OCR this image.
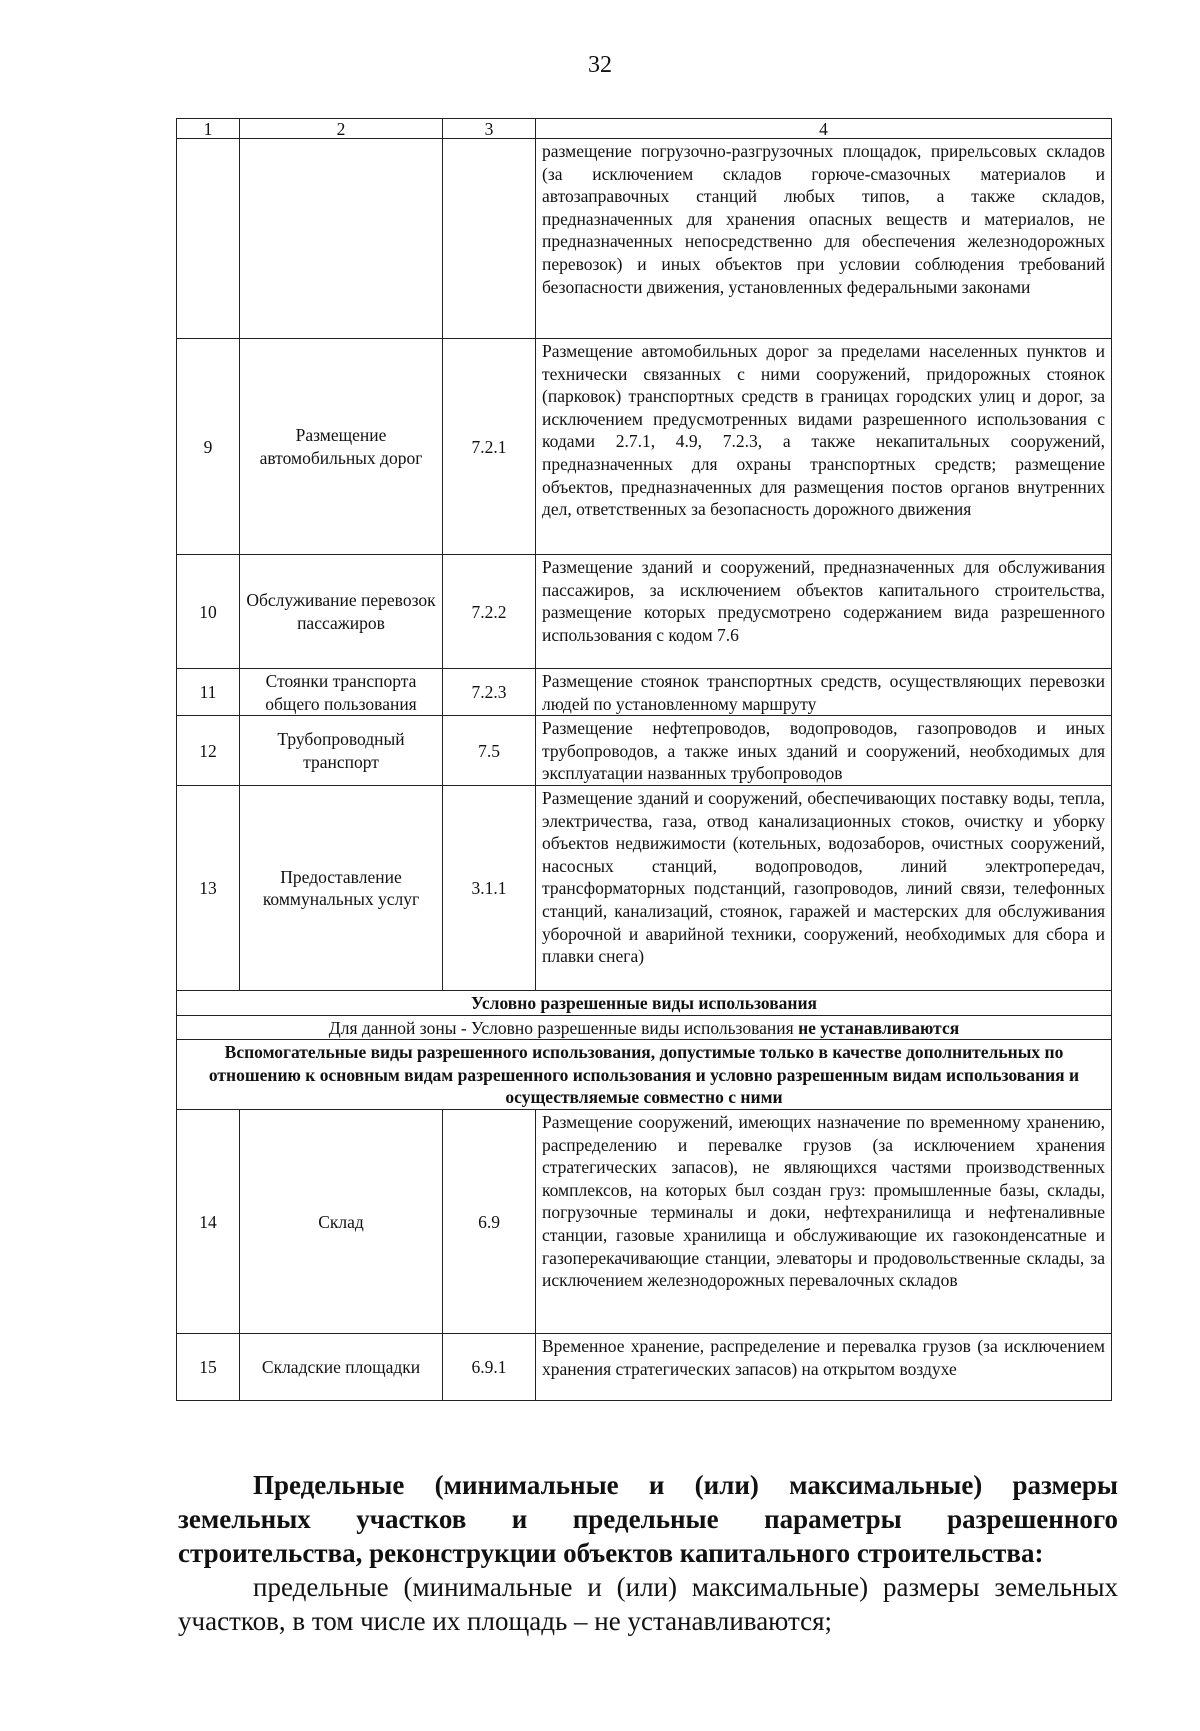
32
1	2	3	4
			размещение погрузочно-разгрузочных площадок, прирельсовых складов (за исключением складов горюче-смазочных материалов и автозаправочных станций любых типов, а также складов, предназначенных для хранения опасных веществ и материалов, не предназначенных непосредственно для обеспечения железнодорожных перевозок) и иных объектов при условии соблюдения требований безопасности движения, установленных федеральными законами
9	Размещение автомобильных дорог	7.2.1	Размещение автомобильных дорог за пределами населенных пунктов и технически связанных с ними сооружений, придорожных стоянок (парковок) транспортных средств в границах городских улиц и дорог, за исключением предусмотренных видами разрешенного использования с кодами 2.7.1, 4.9, 7.2.3, а также некапитальных сооружений, предназначенных для охраны транспортных средств; размещение объектов, предназначенных для размещения постов органов внутренних дел, ответственных за безопасность дорожного движения
10	Обслуживание перевозок пассажиров	7.2.2	Размещение зданий и сооружений, предназначенных для обслуживания пассажиров, за исключением объектов капитального строительства, размещение которых предусмотрено содержанием вида разрешенного использования с кодом 7.6
11	Стоянки транспорта общего пользования	7.2.3	Размещение стоянок транспортных средств, осуществляющих перевозки людей по установленному маршруту
12	Трубопроводный транспорт	7.5	Размещение нефтепроводов, водопроводов, газопроводов и иных трубопроводов, а также иных зданий и сооружений, необходимых для эксплуатации названных трубопроводов
13	Предоставление коммунальных услуг	3.1.1	Размещение зданий и сооружений, обеспечивающих поставку воды, тепла, электричества, газа, отвод канализационных стоков, очистку и уборку объектов недвижимости (котельных, водозаборов, очистных сооружений, насосных станций, водопроводов, линий электропередач, трансформаторных подстанций, газопроводов, линий связи, телефонных станций, канализаций, стоянок, гаражей и мастерских для обслуживания уборочной и аварийной техники, сооружений, необходимых для сбора и плавки снега)
Условно разрешенные виды использования			
Для данной зоны - Условно разрешенные виды использования не устанавливаются			
Вспомогательные виды разрешенного использования, допустимые только в качестве дополнительных по отношению к основным видам разрешенного использования и условно разрешенным видам использования и осуществляемые совместно с ними			
14	Склад	6.9	Размещение сооружений, имеющих назначение по временному хранению, распределению и перевалке грузов (за исключением хранения стратегических запасов), не являющихся частями производственных комплексов, на которых был создан груз: промышленные базы, склады, погрузочные терминалы и доки, нефтехранилища и нефтеналивные станции, газовые хранилища и обслуживающие их газоконденсатные и газоперекачивающие станции, элеваторы и продовольственные склады, за исключением железнодорожных перевалочных складов
15	Складские площадки	6.9.1	Временное хранение, распределение и перевалка грузов (за исключением хранения стратегических запасов) на открытом воздухе
Предельные (минимальные и (или) максимальные) размеры
земельных участков и предельные параметры разрешенного
строительства, реконструкции объектов капитального строительства:
предельные (минимальные и (или) максимальные) размеры земельных участков, в том числе их площадь – не устанавливаются;
